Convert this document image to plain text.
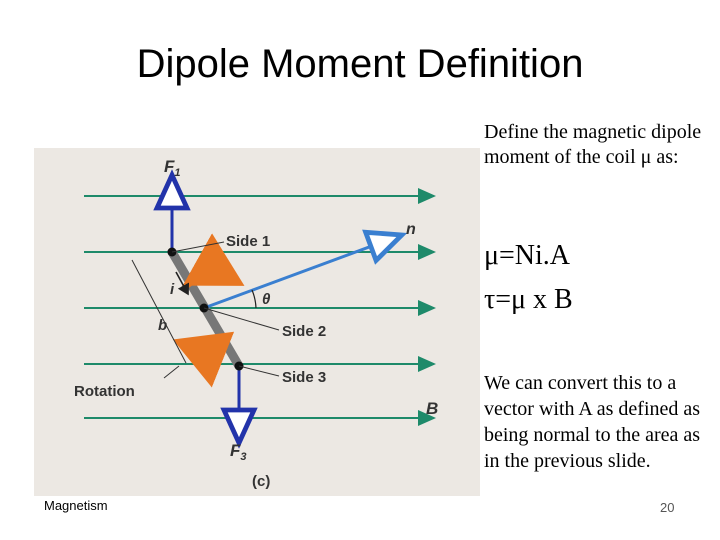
Dipole Moment Definition
Side 1
Side 2
Side 3
Rotation
i
θ
b
n
$F_1$
$F_3$
B
(c)
Define the magnetic dipole moment of the coil μ as:
μ=Ni.A
τ=μ x B
We can convert this to a vector with A as defined as being normal to the area as in the previous slide.
Magnetism	20
